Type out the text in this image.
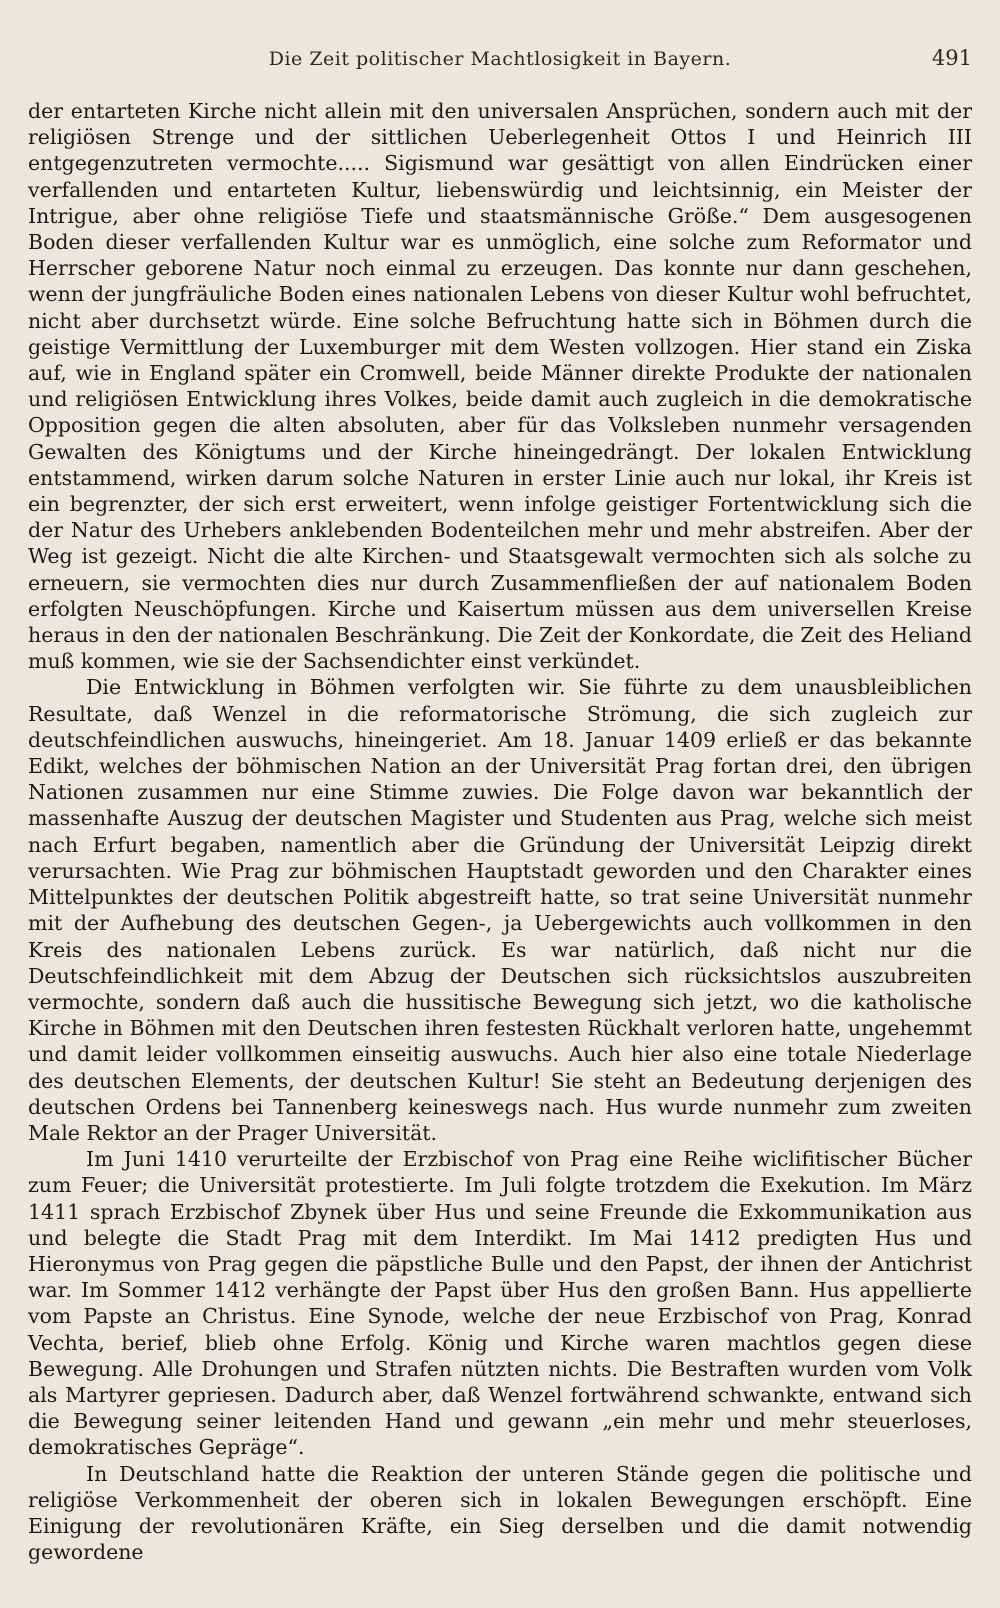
Die Zeit politischer Machtlosigkeit in Bayern.	491

der entarteten Kirche nicht allein mit den universalen Ansprüchen, sondern auch mit der religiösen Strenge und der sittlichen Ueberlegenheit Ottos I und Heinrich III entgegenzutreten vermochte..... Sigismund war gesättigt von allen Eindrücken einer verfallenden und entarteten Kultur, liebenswürdig und leichtsinnig, ein Meister der Intrigue, aber ohne religiöse Tiefe und staatsmännische Größe.“ Dem ausgesogenen Boden dieser verfallenden Kultur war es unmöglich, eine solche zum Reformator und Herrscher geborene Natur noch einmal zu erzeugen. Das konnte nur dann geschehen, wenn der jungfräuliche Boden eines nationalen Lebens von dieser Kultur wohl befruchtet, nicht aber durchsetzt würde. Eine solche Befruchtung hatte sich in Böhmen durch die geistige Vermittlung der Luxemburger mit dem Westen vollzogen. Hier stand ein Ziska auf, wie in England später ein Cromwell, beide Männer direkte Produkte der nationalen und religiösen Entwicklung ihres Volkes, beide damit auch zugleich in die demokratische Opposition gegen die alten absoluten, aber für das Volksleben nunmehr versagenden Gewalten des Königtums und der Kirche hineingedrängt. Der lokalen Entwicklung entstammend, wirken darum solche Naturen in erster Linie auch nur lokal, ihr Kreis ist ein begrenzter, der sich erst erweitert, wenn infolge geistiger Fortentwicklung sich die der Natur des Urhebers anklebenden Bodenteilchen mehr und mehr abstreifen. Aber der Weg ist gezeigt. Nicht die alte Kirchen- und Staatsgewalt vermochten sich als solche zu erneuern, sie vermochten dies nur durch Zusammenfließen der auf nationalem Boden erfolgten Neuschöpfungen. Kirche und Kaisertum müssen aus dem universellen Kreise heraus in den der nationalen Beschränkung. Die Zeit der Konkordate, die Zeit des Heliand muß kommen, wie sie der Sachsendichter einst verkündet.

Die Entwicklung in Böhmen verfolgten wir. Sie führte zu dem unausbleiblichen Resultate, daß Wenzel in die reformatorische Strömung, die sich zugleich zur deutschfeindlichen auswuchs, hineingeriet. Am 18. Januar 1409 erließ er das bekannte Edikt, welches der böhmischen Nation an der Universität Prag fortan drei, den übrigen Nationen zusammen nur eine Stimme zuwies. Die Folge davon war bekanntlich der massenhafte Auszug der deutschen Magister und Studenten aus Prag, welche sich meist nach Erfurt begaben, namentlich aber die Gründung der Universität Leipzig direkt verursachten. Wie Prag zur böhmischen Hauptstadt geworden und den Charakter eines Mittelpunktes der deutschen Politik abgestreift hatte, so trat seine Universität nunmehr mit der Aufhebung des deutschen Gegen-, ja Uebergewichts auch vollkommen in den Kreis des nationalen Lebens zurück. Es war natürlich, daß nicht nur die Deutschfeindlichkeit mit dem Abzug der Deutschen sich rücksichtslos auszubreiten vermochte, sondern daß auch die hussitische Bewegung sich jetzt, wo die katholische Kirche in Böhmen mit den Deutschen ihren festesten Rückhalt verloren hatte, ungehemmt und damit leider vollkommen einseitig auswuchs. Auch hier also eine totale Niederlage des deutschen Elements, der deutschen Kultur! Sie steht an Bedeutung derjenigen des deutschen Ordens bei Tannenberg keineswegs nach. Hus wurde nunmehr zum zweiten Male Rektor an der Prager Universität.

Im Juni 1410 verurteilte der Erzbischof von Prag eine Reihe wiclifitischer Bücher zum Feuer; die Universität protestierte. Im Juli folgte trotzdem die Exekution. Im März 1411 sprach Erzbischof Zbynek über Hus und seine Freunde die Exkommunikation aus und belegte die Stadt Prag mit dem Interdikt. Im Mai 1412 predigten Hus und Hieronymus von Prag gegen die päpstliche Bulle und den Papst, der ihnen der Antichrist war. Im Sommer 1412 verhängte der Papst über Hus den großen Bann. Hus appellierte vom Papste an Christus. Eine Synode, welche der neue Erzbischof von Prag, Konrad Vechta, berief, blieb ohne Erfolg. König und Kirche waren machtlos gegen diese Bewegung. Alle Drohungen und Strafen nützten nichts. Die Bestraften wurden vom Volk als Martyrer gepriesen. Dadurch aber, daß Wenzel fortwährend schwankte, entwand sich die Bewegung seiner leitenden Hand und gewann „ein mehr und mehr steuerloses, demokratisches Gepräge“.

In Deutschland hatte die Reaktion der unteren Stände gegen die politische und religiöse Verkommenheit der oberen sich in lokalen Bewegungen erschöpft. Eine Einigung der revolutionären Kräfte, ein Sieg derselben und die damit notwendig gewordene
